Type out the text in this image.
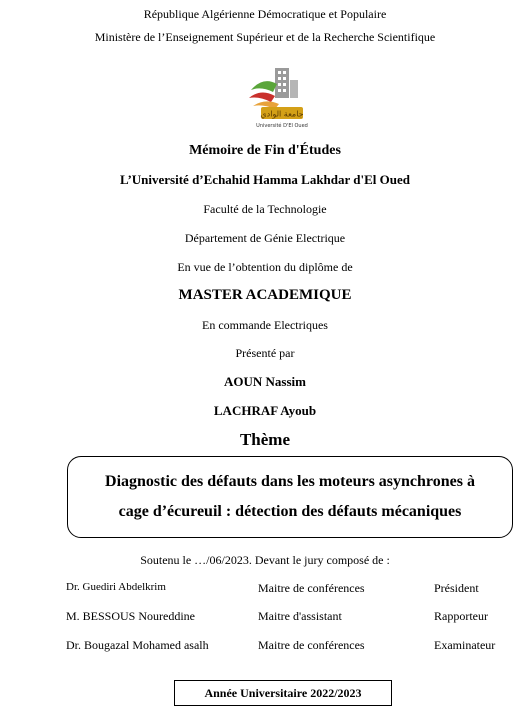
République Algérienne Démocratique et Populaire
Ministère de l’Enseignement Supérieur et de la Recherche Scientifique
جامعة الوادي
Université D'El Oued
Mémoire de Fin d'Études
L’Université d’Echahid Hamma Lakhdar d'El Oued
Faculté de la Technologie
Département de Génie Electrique
En vue de l’obtention du diplôme de
MASTER ACADEMIQUE
En commande Electriques
Présenté par
AOUN Nassim
LACHRAF Ayoub
Thème
Diagnostic des défauts dans les moteurs asynchrones à
cage d’écureuil : détection des défauts mécaniques
Soutenu le …/06/2023. Devant le jury composé de :
Dr. Guediri Abdelkrim	Maitre de conférences	Président
M. BESSOUS Noureddine	Maitre d'assistant	Rapporteur
Dr. Bougazal Mohamed asalh	Maitre de conférences	Examinateur
Année Universitaire 2022/2023
